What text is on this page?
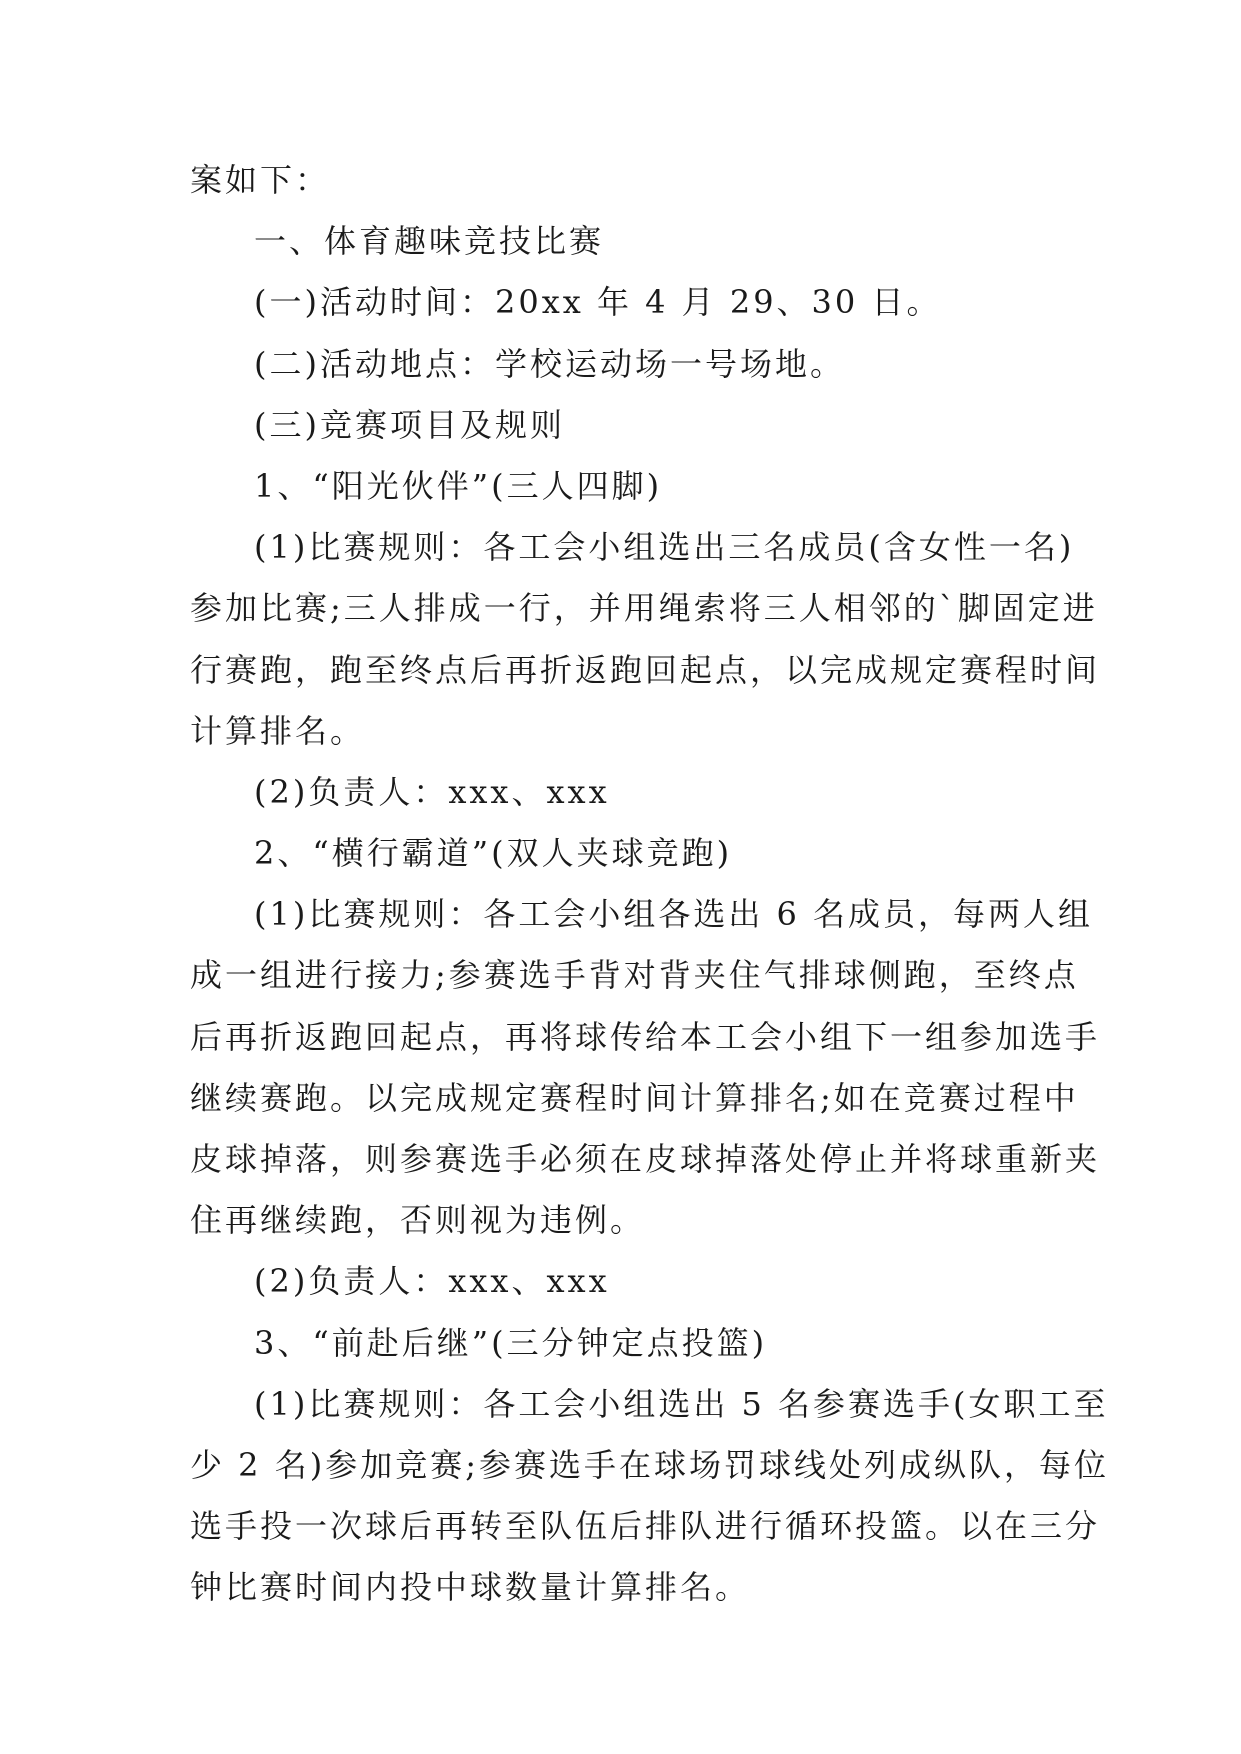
案如下：
一、体育趣味竞技比赛
(一)活动时间：20xx 年 4 月 29、30 日。
(二)活动地点：学校运动场一号场地。
(三)竞赛项目及规则
1、“阳光伙伴”(三人四脚)
(1)比赛规则：各工会小组选出三名成员(含女性一名)
参加比赛;三人排成一行，并用绳索将三人相邻的`脚固定进
行赛跑，跑至终点后再折返跑回起点，以完成规定赛程时间
计算排名。
(2)负责人：xxx、xxx
2、“横行霸道”(双人夹球竞跑)
(1)比赛规则：各工会小组各选出 6 名成员，每两人组
成一组进行接力;参赛选手背对背夹住气排球侧跑，至终点
后再折返跑回起点，再将球传给本工会小组下一组参加选手
继续赛跑。以完成规定赛程时间计算排名;如在竞赛过程中
皮球掉落，则参赛选手必须在皮球掉落处停止并将球重新夹
住再继续跑，否则视为违例。
(2)负责人：xxx、xxx
3、“前赴后继”(三分钟定点投篮)
(1)比赛规则：各工会小组选出 5 名参赛选手(女职工至
少 2 名)参加竞赛;参赛选手在球场罚球线处列成纵队，每位
选手投一次球后再转至队伍后排队进行循环投篮。以在三分
钟比赛时间内投中球数量计算排名。
